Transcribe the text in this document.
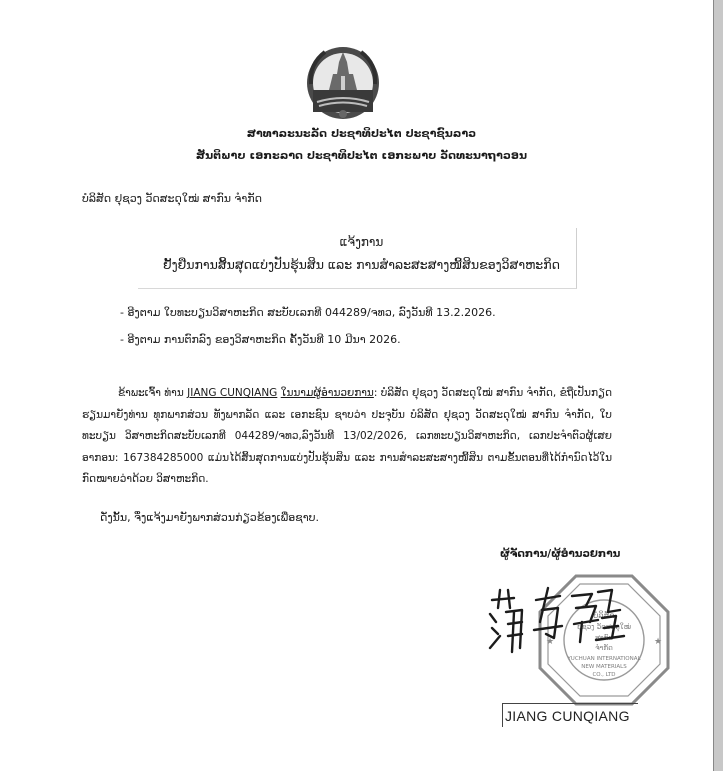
ສາທາລະນະລັດ ປະຊາທິປະໄຕ ປະຊາຊົນລາວ
ສັນຕິພາບ ເອກະລາດ ປະຊາທິປະໄຕ ເອກະພາບ ວັດທະນາຖາວອນ
ບໍລິສັດ ຢຸຊວງ ວັດສະດຸໃໝ່ ສາກົນ ຈຳກັດ
ແຈ້ງການ
ຢັ້ງຢືນການສິ້ນສຸດແບ່ງປັນຮຸ້ນສິນ ແລະ ການສຳລະສະສາງໜີ້ສິນຂອງວິສາຫະກິດ
- ອີງຕາມ ໃບທະບຽນວິສາຫະກິດ ສະບັບເລກທີ 044289/ຈທວ, ລົງວັນທີ 13.2.2026.
- ອີງຕາມ ການຕົກລົງ ຂອງວິສາຫະກິດ ຄັ້ງວັນທີ 10 ມີນາ 2026.
ຂ້າພະເຈົ້າ ທ່ານ JIANG CUNQIANG ໃນນາມຜູ້ອຳນວຍການ: ບໍລິສັດ ຢຸຊວງ ວັດສະດຸໃໝ່ ສາກົນ ຈຳກັດ, ຂໍຖືເປັນກຽດຮຽນມາຍັງທ່ານ ທຸກພາກສ່ວນ ທັງພາກລັດ ແລະ ເອກະຊົນ ຊາບວ່າ ປະຈຸບັນ ບໍລິສັດ ຢຸຊວງ ວັດສະດຸໃໝ່ ສາກົນ ຈຳກັດ, ໃບທະບຽນ ວິສາຫະກິດສະບັບເລກທີ 044289/ຈທວ,ລົງວັນທີ 13/02/2026, ເລກທະບຽນວິສາຫະກິດ, ເລກປະຈຳຕົວຜູ້ເສຍອາກອນ: 167384285000 ແມ່ນໄດ້ສິ້ນສຸດການແບ່ງປັນຮຸ້ນສິນ ແລະ ການສຳລະສະສາງໜີ້ສິນ ຕາມຂັ້ນຕອນທີ່ໄດ້ກຳນົດໄວ້ໃນກົດໝາຍວ່າດ້ວຍ ວິສາຫະກິດ.
ດັ່ງນັ້ນ, ຈຶ່ງແຈ້ງມາຍັງພາກສ່ວນກ່ຽວຂ້ອງເພື່ອຊາບ.
ຜູ້ຈັດການ/ຜູ້ອຳນວຍການ
ບໍລິສັດ
ຢຸຊວງ ວັດສະດຸໃໝ່
ສາກົນ
ຈຳກັດ
YUCHUAN INTERNATIONAL
NEW MATERIALS
CO., LTD
★
★
JIANG CUNQIANG
